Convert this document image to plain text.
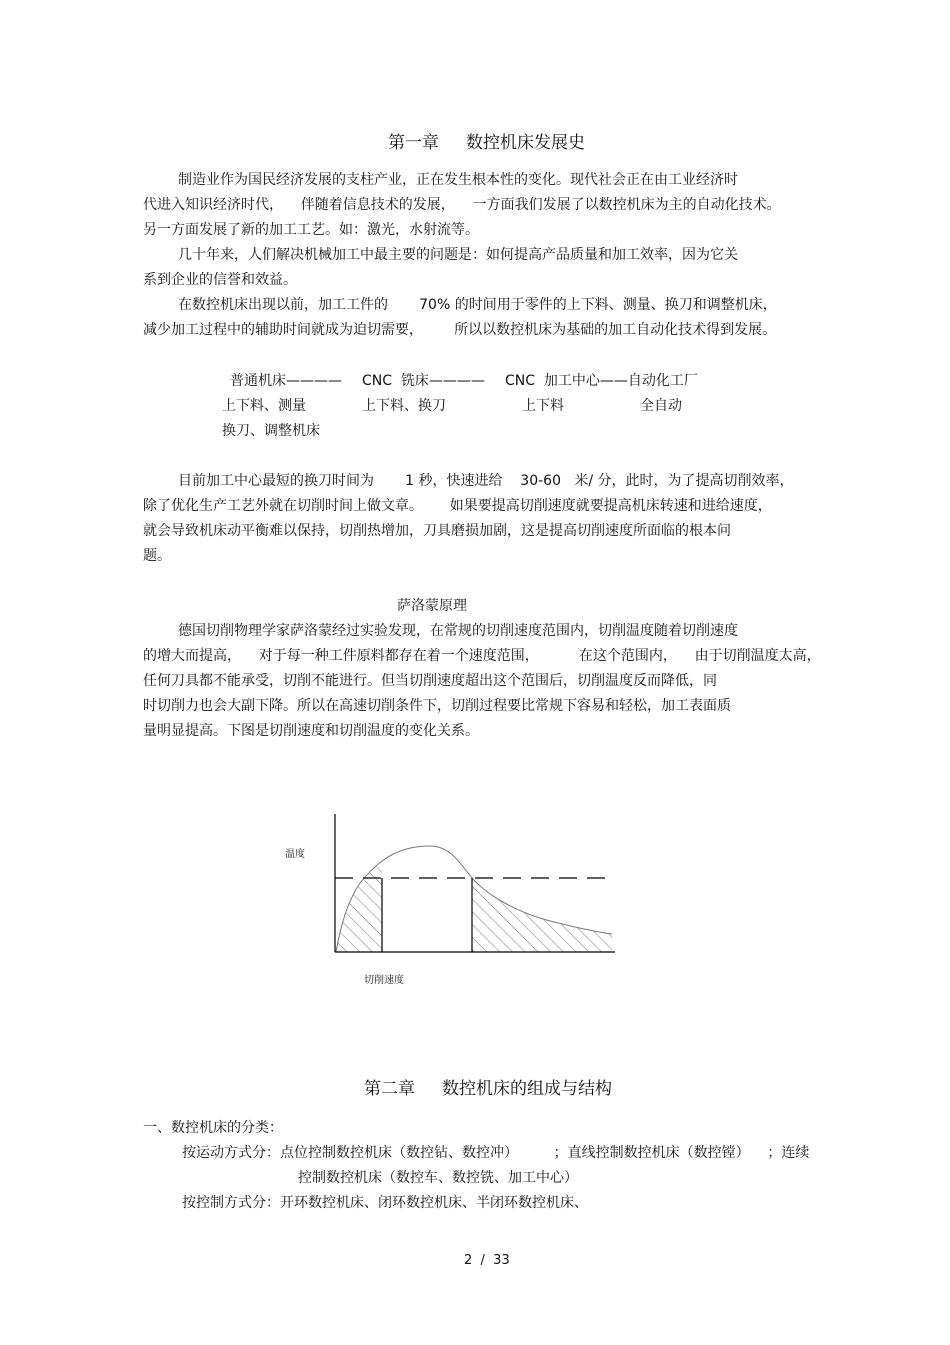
第一章     数控机床发展史
制造业作为国民经济发展的支柱产业，正在发生根本性的变化。现代社会正在由工业经济时
代进入知识经济时代，    伴随着信息技术的发展，    一方面我们发展了以数控机床为主的自动化技术。
另一方面发展了新的加工工艺。如：激光，水射流等。
几十年来，人们解决机械加工中最主要的问题是：如何提高产品质量和加工效率，因为它关
系到企业的信誉和效益。
在数控机床出现以前，加工工件的       70% 的时间用于零件的上下料、测量、换刀和调整机床，
减少加工过程中的辅助时间就成为迫切需要，       所以以数控机床为基础的加工自动化技术得到发展。
普通机床———— CNC  铣床———— CNC  加工中心——自动化工厂
上下料、测量	上下料、换刀	上下料	全自动
换刀、调整机床
目前加工中心最短的换刀时间为       1 秒，快速进给    30-60   米/ 分，此时，为了提高切削效率，
除了优化生产工艺外就在切削时间上做文章。      如果要提高切削速度就要提高机床转速和进给速度，
就会导致机床动平衡难以保持，切削热增加，刀具磨损加剧，这是提高切削速度所面临的根本问
题。
萨洛蒙原理
德国切削物理学家萨洛蒙经过实验发现，在常规的切削速度范围内，切削温度随着切削速度
的增大而提高，    对于每一种工件原料都存在着一个速度范围，         在这个范围内，    由于切削温度太高，
任何刀具都不能承受，切削不能进行。但当切削速度超出这个范围后，切削温度反而降低，同
时切削力也会大副下降。所以在高速切削条件下，切削过程要比常规下容易和轻松，加工表面质
量明显提高。下图是切削速度和切削温度的变化关系。
温度
切削速度
第二章     数控机床的组成与结构
一、数控机床的分类：
按运动方式分：点位控制数控机床（数控钻、数控冲）        ；直线控制数控机床（数控镗）    ；连续
控制数控机床（数控车、数控铣、加工中心）
按控制方式分：开环数控机床、闭环数控机床、半闭环数控机床、
2  /  33
